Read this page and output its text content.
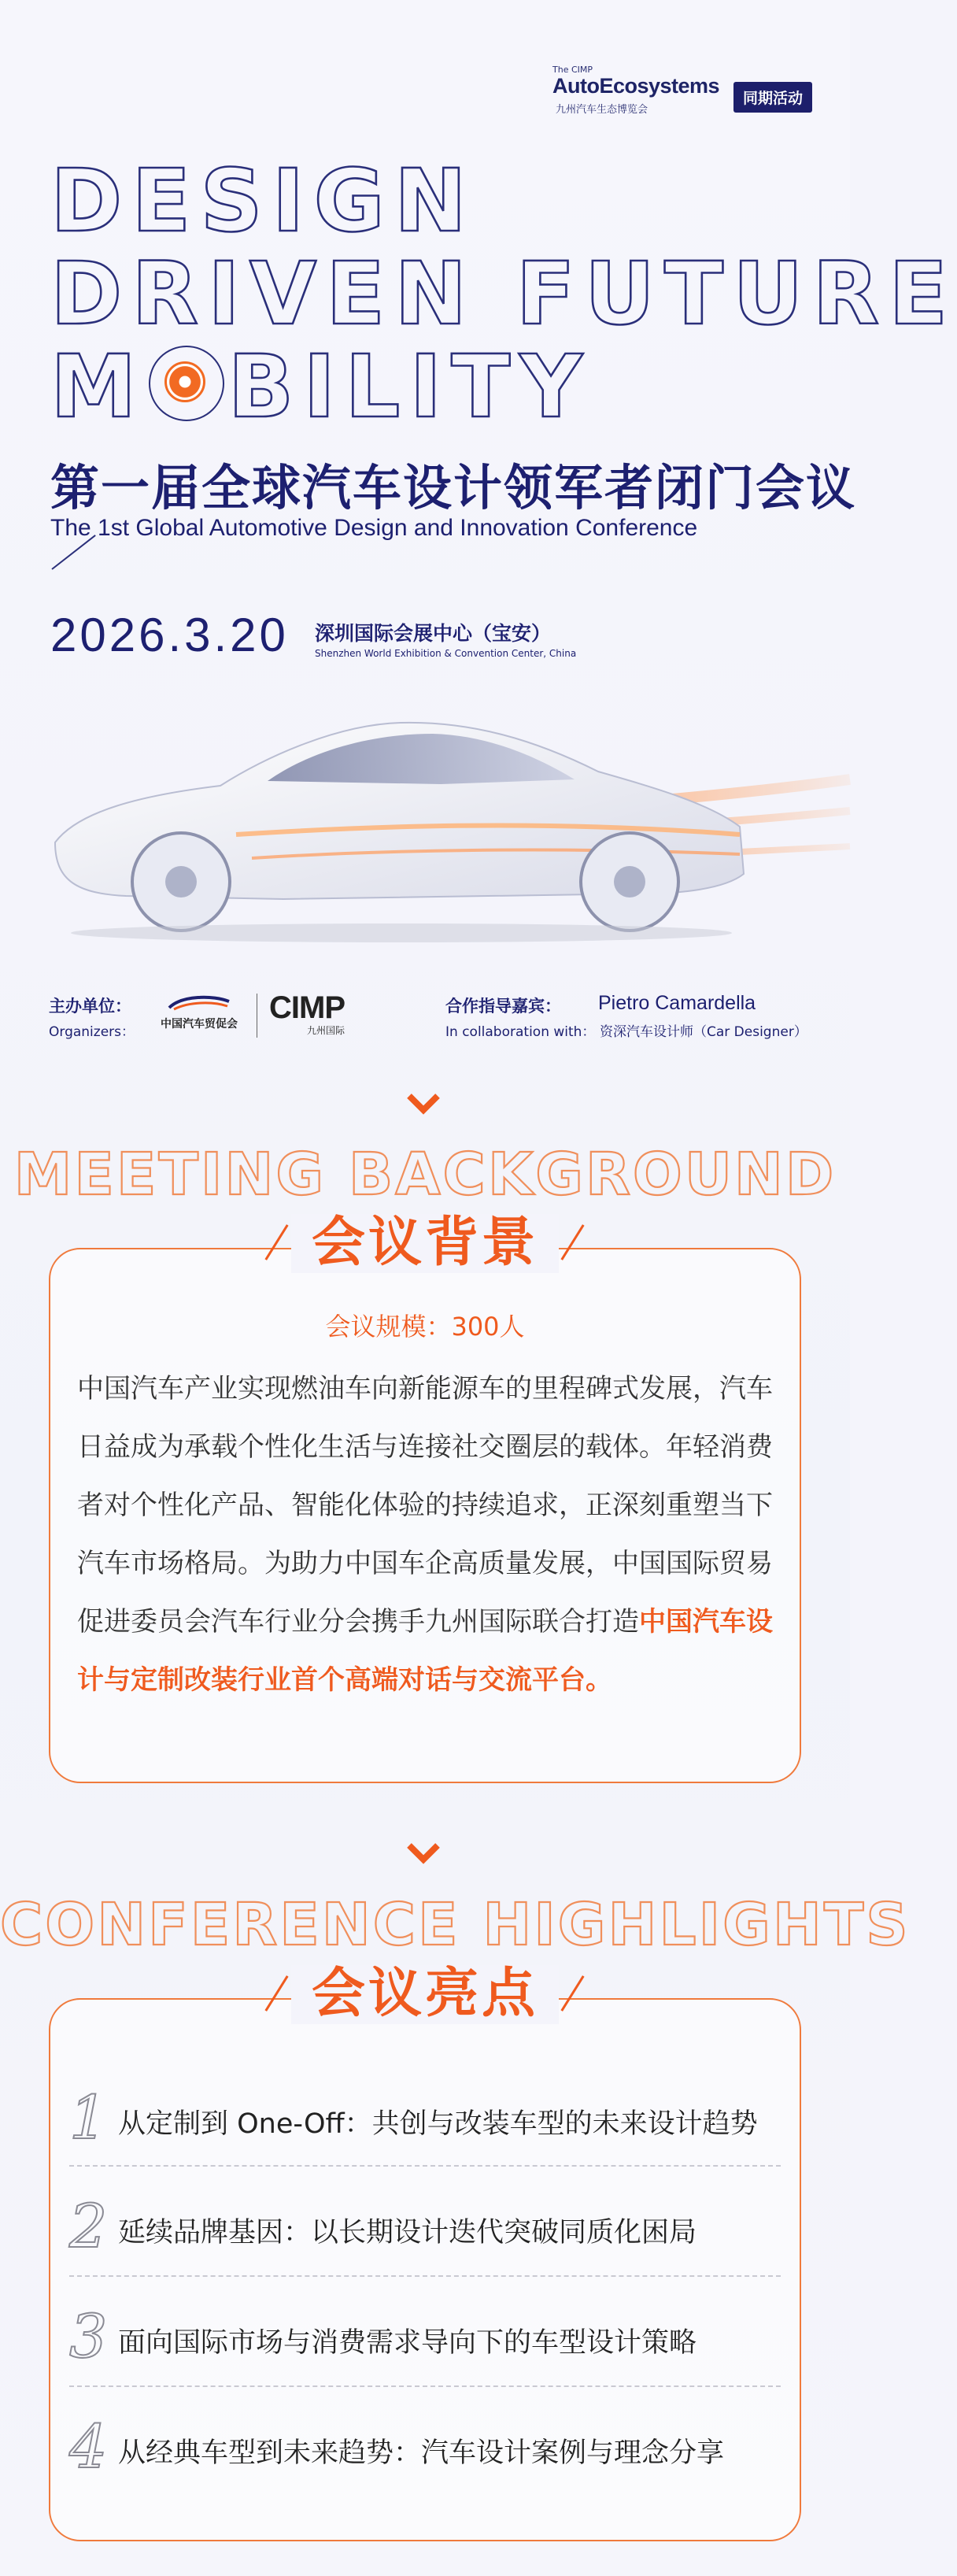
The CIMP
AutoEcosystems
九州汽车生态博览会
同期活动
DESIGN
DRIVEN FUTURE
M BILITY
第一届全球汽车设计领军者闭门会议
The 1st Global Automotive Design and Innovation Conference
2026.3.20 深圳国际会展中心（宝安）
Shenzhen World Exhibition & Convention Center, China
主办单位：
Organizers：	中国汽车贸促会 CIMP
九州国际
合作指导嘉宾： Pietro Camardella
In collaboration with： 资深汽车设计师（Car Designer）
MEETING BACKGROUND
会议背景
会议规模：300人
中国汽车产业实现燃油车向新能源车的里程碑式发展，汽车日益成为承载个性化生活与连接社交圈层的载体。年轻消费者对个性化产品、智能化体验的持续追求，正深刻重塑当下汽车市场格局。为助力中国车企高质量发展，中国国际贸易促进委员会汽车行业分会携手九州国际联合打造中国汽车设计与定制改装行业首个高端对话与交流平台。
CONFERENCE HIGHLIGHTS
会议亮点
1 从定制到 One-Off：共创与改装车型的未来设计趋势
2 延续品牌基因：以长期设计迭代突破同质化困局
3 面向国际市场与消费需求导向下的车型设计策略
4 从经典车型到未来趋势：汽车设计案例与理念分享
